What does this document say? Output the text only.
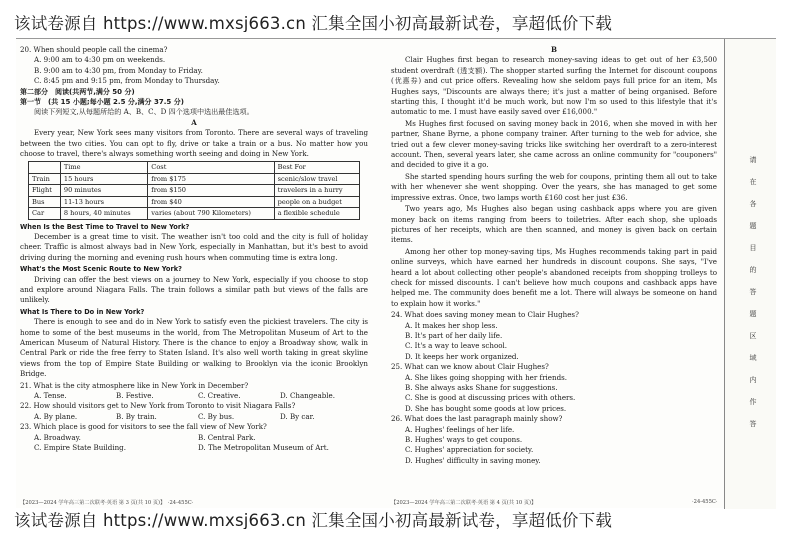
该试卷源自 https://www.mxsj663.cn 汇集全国小初高最新试卷，享超低价下载
20. When should people call the cinema?
A. 9:00 am to 4:30 pm on weekends.
B. 9:00 am to 4:30 pm, from Monday to Friday.
C. 8:45 pm and 9:15 pm, from Monday to Thursday.
第二部分　阅读(共两节,满分 50 分)
第一节　(共 15 小题;每小题 2.5 分,满分 37.5 分)
阅读下列短文,从每题所给的 A、B、C、D 四个选项中选出最佳选项。
A

Every year, New York sees many visitors from Toronto. There are several ways of traveling between the two cities. You can opt to fly, drive or take a train or a bus. No matter how you choose to travel, there's always something worth seeing and doing in New York.

	Time	Cost	Best For
Train	15 hours	from $175	scenic/slow travel
Flight	90 minutes	from $150	travelers in a hurry
Bus	11-13 hours	from $40	people on a budget
Car	8 hours, 40 minutes	varies (about 790 Kilometers)	a flexible schedule
When Is the Best Time to Travel to New York?

December is a great time to visit. The weather isn't too cold and the city is full of holiday cheer. Traffic is almost always bad in New York, especially in Manhattan, but it's best to avoid driving during the morning and evening rush hours when commuting time is extra long.

What's the Most Scenic Route to New York?

Driving can offer the best views on a journey to New York, especially if you choose to stop and explore around Niagara Falls. The train follows a similar path but views of the falls are unlikely.

What Is There to Do in New York?

There is enough to see and do in New York to satisfy even the pickiest travelers. The city is home to some of the best museums in the world, from The Metropolitan Museum of Art to the American Museum of Natural History. There is the chance to enjoy a Broadway show, walk in Central Park or ride the free ferry to Staten Island. It's also well worth taking in great skyline views from the top of Empire State Building or walking to Brooklyn via the iconic Brooklyn Bridge.

21. What is the city atmosphere like in New York in December?
A. Tense.	B. Festive.	C. Creative.	D. Changeable.
22. How should visitors get to New York from Toronto to visit Niagara Falls?
A. By plane.	B. By train.	C. By bus.	D. By car.
23. Which place is good for visitors to see the fall view of New York?
A. Broadway.	B. Central Park.
C. Empire State Building.	D. The Metropolitan Museum of Art.
B

Clair Hughes first began to research money-saving ideas to get out of her £3,500 student overdraft (透支额). The shopper started surfing the Internet for discount coupons (优惠券) and cut price offers. Revealing how she seldom pays full price for an item, Ms Hughes says, "Discounts are always there; it's just a matter of being organised. Before starting this, I thought it'd be much work, but now I'm so used to this lifestyle that it's automatic to me. I must have easily saved over £16,000."

Ms Hughes first focused on saving money back in 2016, when she moved in with her partner, Shane Byrne, a phone company trainer. After turning to the web for advice, she tried out a few clever money-saving tricks like switching her overdraft to a zero-interest account. Then, several years later, she came across an online community for "couponers" and decided to give it a go.

She started spending hours surfing the web for coupons, printing them all out to take with her whenever she went shopping. Over the years, she has managed to get some impressive extras. Once, two lamps worth £160 cost her just £36.

Two years ago, Ms Hughes also began using cashback apps where you are given money back on items ranging from beers to toiletries. After each shop, she uploads pictures of her receipts, which are then scanned, and money is given back on certain items.

Among her other top money-saving tips, Ms Hughes recommends taking part in paid online surveys, which have earned her hundreds in discount coupons. She says, "I've heard a lot about collecting other people's abandoned receipts from shopping trolleys to check for missed discounts. I can't believe how much coupons and cashback apps have helped me. The community does benefit me a lot. There will always be someone on hand to explain how it works."

24. What does saving money mean to Clair Hughes?
A. It makes her shop less.
B. It's part of her daily life.
C. It's a way to leave school.
D. It keeps her work organized.
25. What can we know about Clair Hughes?
A. She likes going shopping with her friends.
B. She always asks Shane for suggestions.
C. She is good at discussing prices with others.
D. She has bought some goods at low prices.
26. What does the last paragraph mainly show?
A. Hughes' feelings of her life.
B. Hughes' ways to get coupons.
C. Hughes' appreciation for society.
D. Hughes' difficulty in saving money.
请在各题目的答题区域内作答
【2023—2024 学年高三第二次联考·英语 第 3 页(共 10 页)】　·24-455C·	【2023—2024 学年高三第二次联考·英语 第 4 页(共 10 页)】	·24-455C·
该试卷源自 https://www.mxsj663.cn 汇集全国小初高最新试卷，享超低价下载
